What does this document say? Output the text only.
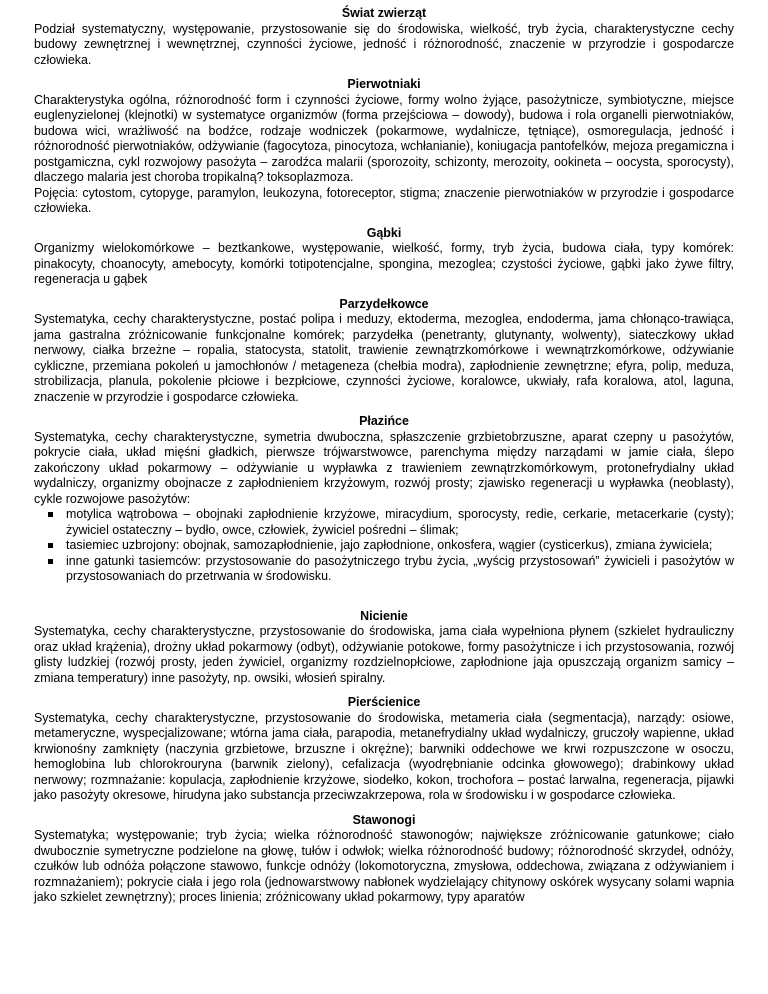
Świat zwierząt

Podział systematyczny, występowanie, przystosowanie się do środowiska, wielkość, tryb życia, charakterystyczne cechy budowy zewnętrznej i wewnętrznej, czynności życiowe, jedność i różnorodność, znaczenie w przyrodzie i gospodarcze człowieka.

Pierwotniaki

Charakterystyka ogólna, różnorodność form i czynności życiowe, formy wolno żyjące, pasożytnicze, symbiotyczne, miejsce euglenyzielonej (klejnotki) w systematyce organizmów (forma przejściowa – dowody), budowa i rola organelli pierwotniaków, budowa wici, wrażliwość na bodźce, rodzaje wodniczek (pokarmowe, wydalnicze, tętniące), osmoregulacja, jedność i różnorodność pierwotniaków, odżywianie (fagocytoza, pinocytoza, wchłanianie), koniugacja pantofelków, mejoza pregamiczna i postgamiczna, cykl rozwojowy pasożyta – zarodźca malarii (sporozoity, schizonty, merozoity, ookineta – oocysta, sporocysty), dlaczego malaria jest choroba tropikalną? toksoplazmoza.

Pojęcia: cytostom, cytopyge, paramylon, leukozyna, fotoreceptor, stigma; znaczenie pierwotniaków w przyrodzie i gospodarce człowieka.

Gąbki

Organizmy wielokomórkowe – beztkankowe, występowanie, wielkość, formy, tryb życia, budowa ciała, typy komórek: pinakocyty, choanocyty, amebocyty, komórki totipotencjalne, spongina, mezoglea; czystości życiowe, gąbki jako żywe filtry, regeneracja u gąbek

Parzydełkowce

Systematyka, cechy charakterystyczne, postać polipa i meduzy, ektoderma, mezoglea, endoderma, jama chłonąco-trawiąca, jama gastralna zróżnicowanie funkcjonalne komórek; parzydełka (penetranty, glutynanty, wolwenty), siateczkowy układ nerwowy, ciałka brzeżne – ropalia, statocysta, statolit, trawienie zewnątrzkomórkowe i wewnątrzkomórkowe, odżywianie cykliczne, przemiana pokoleń u jamochłonów / metageneza (chełbia modra), zapłodnienie zewnętrzne; efyra, polip, meduza, strobilizacja, planula, pokolenie płciowe i bezpłciowe, czynności życiowe, koralowce, ukwiały, rafa koralowa, atol, laguna, znaczenie w przyrodzie i gospodarce człowieka.

Płazińce

Systematyka, cechy charakterystyczne, symetria dwuboczna, spłaszczenie grzbietobrzuszne, aparat czepny u pasożytów, pokrycie ciała, układ mięśni gładkich, pierwsze trójwarstwowce, parenchyma między narządami w jamie ciała, ślepo zakończony układ pokarmowy – odżywianie u wypławka z trawieniem zewnątrzkomórkowym, protonefrydialny układ wydalniczy, organizmy obojnacze z zapłodnieniem krzyżowym, rozwój prosty; zjawisko regeneracji u wypławka (neoblasty), cykle rozwojowe pasożytów:

motylica wątrobowa – obojnaki zapłodnienie krzyżowe, miracydium, sporocysty, redie, cerkarie, metacerkarie (cysty); żywiciel ostateczny – bydło, owce, człowiek, żywiciel pośredni – ślimak;
tasiemiec uzbrojony: obojnak, samozapłodnienie, jajo zapłodnione, onkosfera, wągier (cysticerkus), zmiana żywiciela;
inne gatunki tasiemców: przystosowanie do pasożytniczego trybu życia, „wyścig przystosowań” żywicieli i pasożytów w przystosowaniach do przetrwania w środowisku.
Nicienie

Systematyka, cechy charakterystyczne, przystosowanie do środowiska, jama ciała wypełniona płynem (szkielet hydrauliczny oraz układ krążenia), drożny układ pokarmowy (odbyt), odżywianie potokowe, formy pasożytnicze i ich przystosowania, rozwój glisty ludzkiej (rozwój prosty, jeden żywiciel, organizmy rozdzielnopłciowe, zapłodnione jaja opuszczają organizm samicy – zmiana temperatury) inne pasożyty, np. owsiki, włosień spiralny.

Pierścienice

Systematyka, cechy charakterystyczne, przystosowanie do środowiska, metameria ciała (segmentacja), narządy: osiowe, metameryczne, wyspecjalizowane; wtórna jama ciała, parapodia, metanefrydialny układ wydalniczy, gruczoły wapienne, układ krwionośny zamknięty (naczynia grzbietowe, brzuszne i okrężne); barwniki oddechowe we krwi rozpuszczone w osoczu, hemoglobina lub chlorokrouryna (barwnik zielony), cefalizacja (wyodrębnianie odcinka głowowego); drabinkowy układ nerwowy; rozmnażanie: kopulacja, zapłodnienie krzyżowe, siodełko, kokon, trochofora – postać larwalna, regeneracja, pijawki jako pasożyty okresowe, hirudyna jako substancja przeciwzakrzepowa, rola w środowisku i w gospodarce człowieka.

Stawonogi

Systematyka; występowanie; tryb życia; wielka różnorodność stawonogów; największe zróżnicowanie gatunkowe; ciało dwubocznie symetryczne podzielone na głowę, tułów i odwłok; wielka różnorodność budowy; różnorodność skrzydeł, odnóży, czułków lub odnóża połączone stawowo, funkcje odnóży (lokomotoryczna, zmysłowa, oddechowa, związana z odżywianiem i rozmnażaniem); pokrycie ciała i jego rola (jednowarstwowy nabłonek wydzielający chitynowy oskórek wysycany solami wapnia jako szkielet zewnętrzny); proces linienia; zróżnicowany układ pokarmowy, typy aparatów
